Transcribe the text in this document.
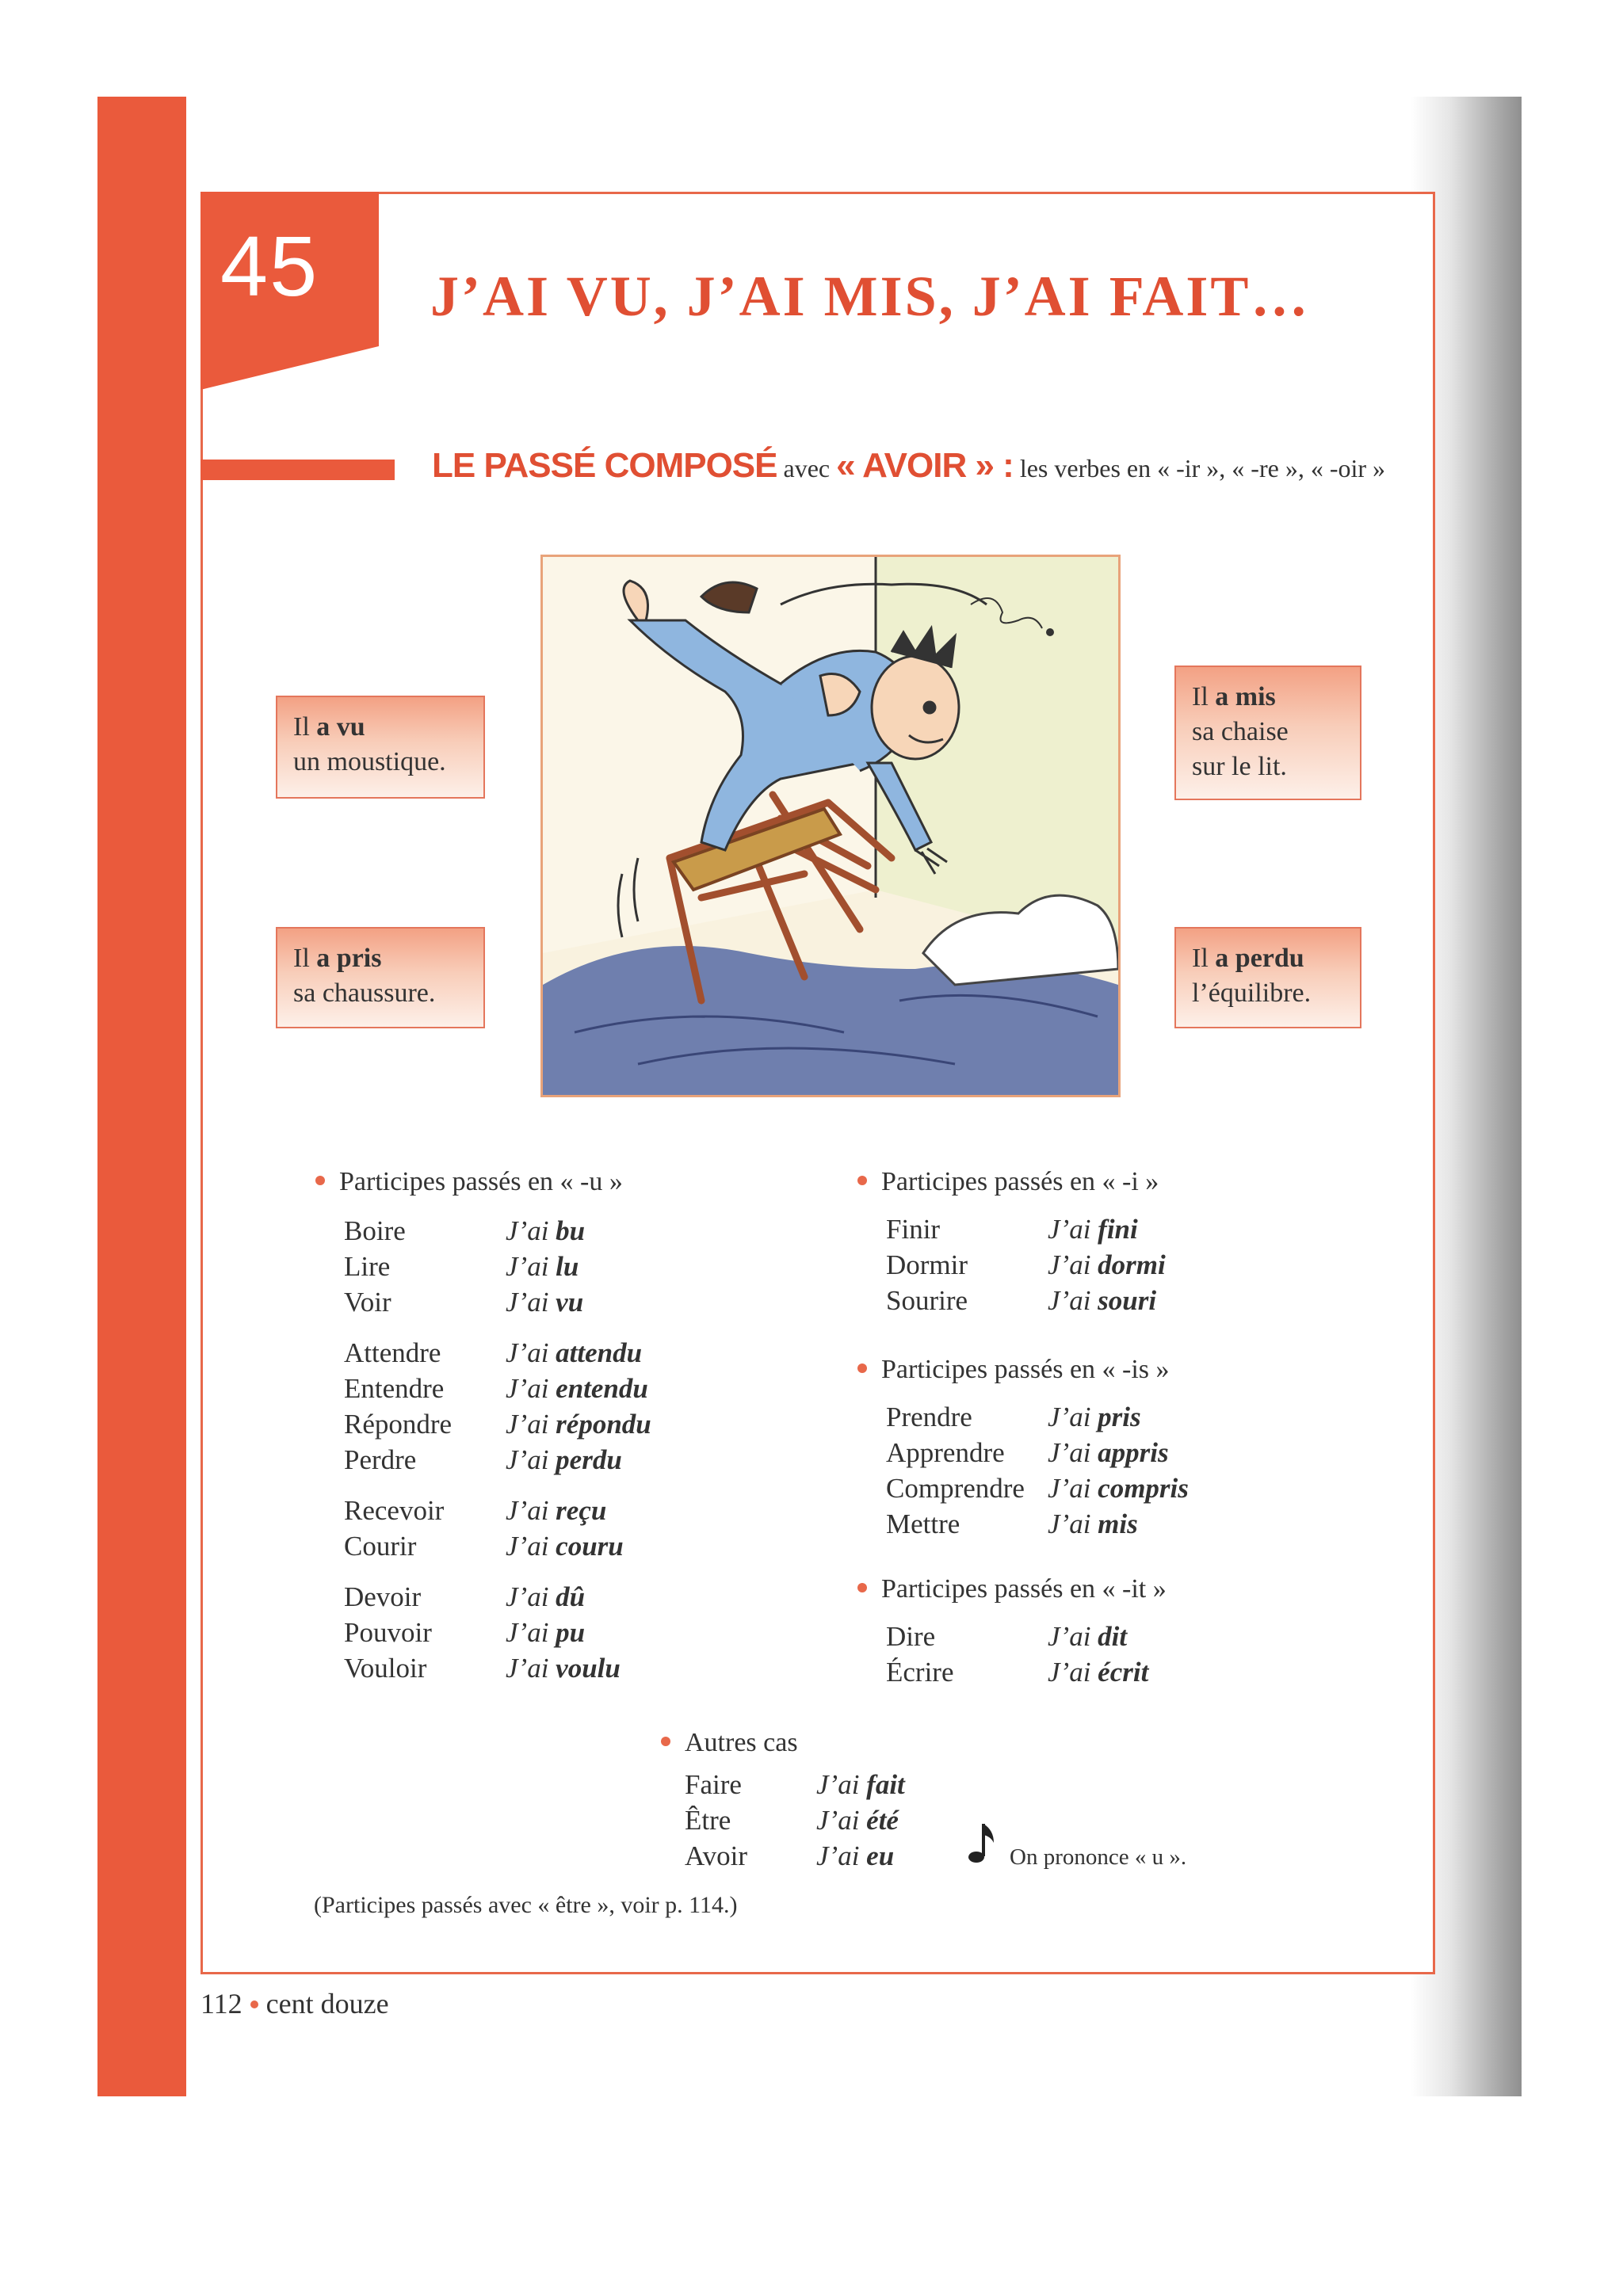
45 J’AI VU, J’AI MIS, J’AI FAIT…
LE PASSÉ COMPOSÉ avec « AVOIR » : les verbes en « -ir », « -re », « -oir »
Il a vu
un moustique.
Il a mis
sa chaise
sur le lit.
Il a pris
sa chaussure.
Il a perdu
l’équilibre.
Participes passés en « -u »	Participes passés en « -i »
Participes passés en « -is »
Participes passés en « -it »
Autres cas
Boire	J’ai bu
Lire	J’ai lu
Voir	J’ai vu
Attendre J’ai attendu
Entendre J’ai entendu
Répondre J’ai répondu
Perdre	J’ai perdu
Recevoir J’ai reçu
Courir	J’ai couru
Devoir	J’ai dû
Pouvoir	J’ai pu
Vouloir	J’ai voulu
Finir	J’ai fini
Dormir	J’ai dormi
Sourire	J’ai souri
Prendre	J’ai pris
Apprendre J’ai appris
Comprendre J’ai compris
Mettre	J’ai mis
Dire	J’ai dit
Écrire	J’ai écrit
Faire	J’ai fait
Être	J’ai été
Avoir J’ai eu	On prononce « u ».
(Participes passés avec « être », voir p. 114.)
112 cent douze
